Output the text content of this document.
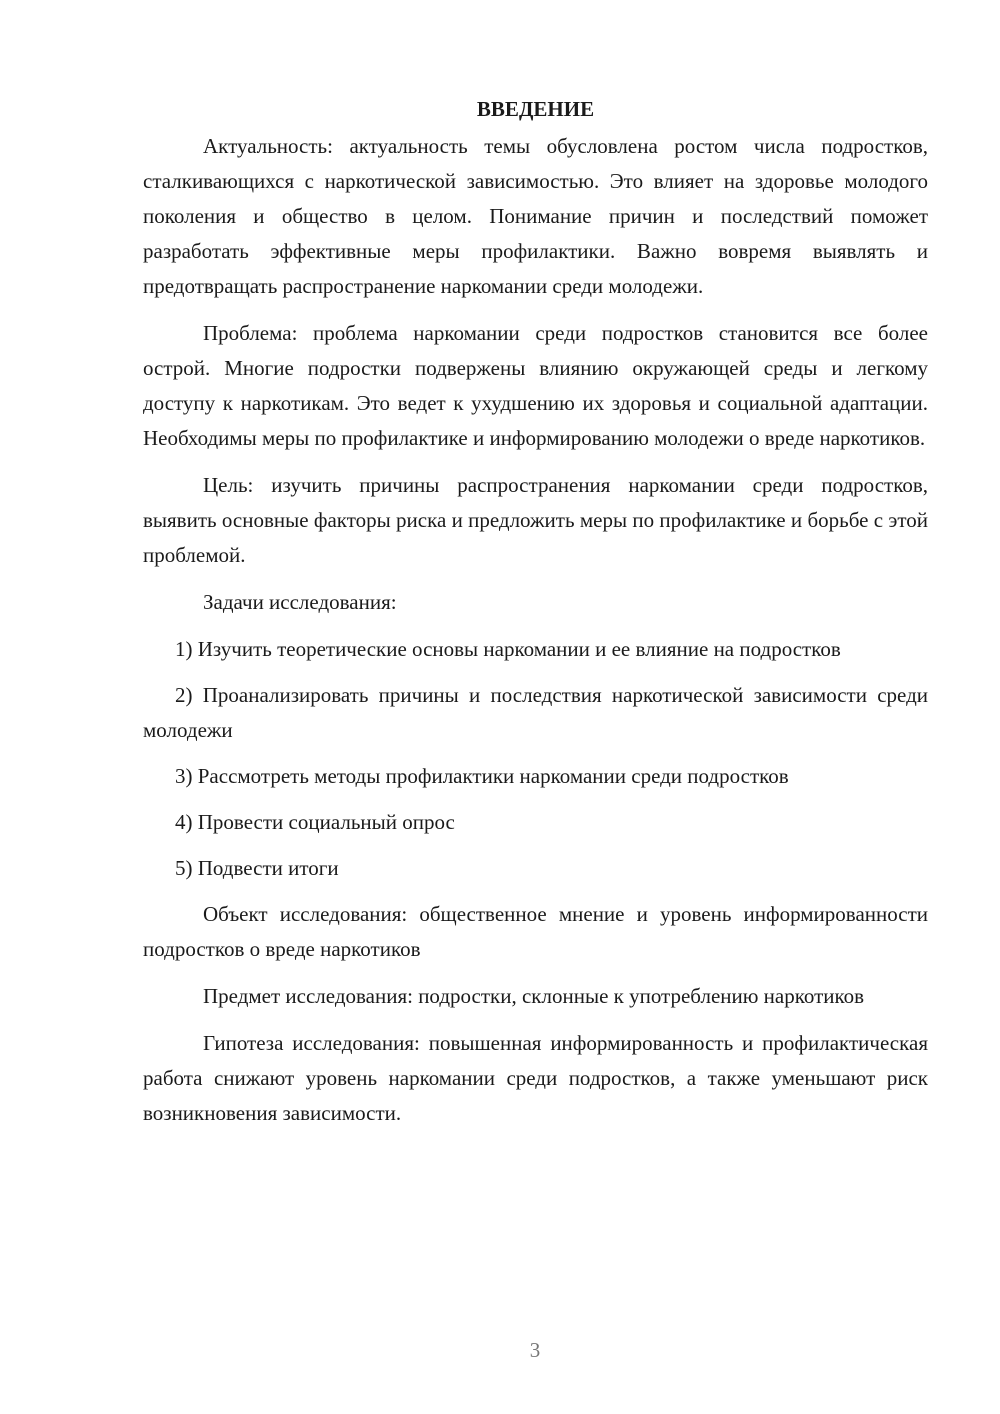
ВВЕДЕНИЕ

Актуальность: актуальность темы обусловлена ростом числа подростков, сталкивающихся с наркотической зависимостью. Это влияет на здоровье молодого поколения и общество в целом. Понимание причин и последствий поможет разработать эффективные меры профилактики. Важно вовремя выявлять и предотвращать распространение наркомании среди молодежи.

Проблема: проблема наркомании среди подростков становится все более острой. Многие подростки подвержены влиянию окружающей среды и легкому доступу к наркотикам. Это ведет к ухудшению их здоровья и социальной адаптации. Необходимы меры по профилактике и информированию молодежи о вреде наркотиков.

Цель: изучить причины распространения наркомании среди подростков, выявить основные факторы риска и предложить меры по профилактике и борьбе с этой проблемой.

Задачи исследования:

1) Изучить теоретические основы наркомании и ее влияние на подростков

2) Проанализировать причины и последствия наркотической зависимости среди молодежи

3) Рассмотреть методы профилактики наркомании среди подростков

4) Провести социальный опрос

5) Подвести итоги

Объект исследования: общественное мнение и уровень информированности подростков о вреде наркотиков

Предмет исследования: подростки, склонные к употреблению наркотиков

Гипотеза исследования: повышенная информированность и профилактическая работа снижают уровень наркомании среди подростков, а также уменьшают риск возникновения зависимости.

3
